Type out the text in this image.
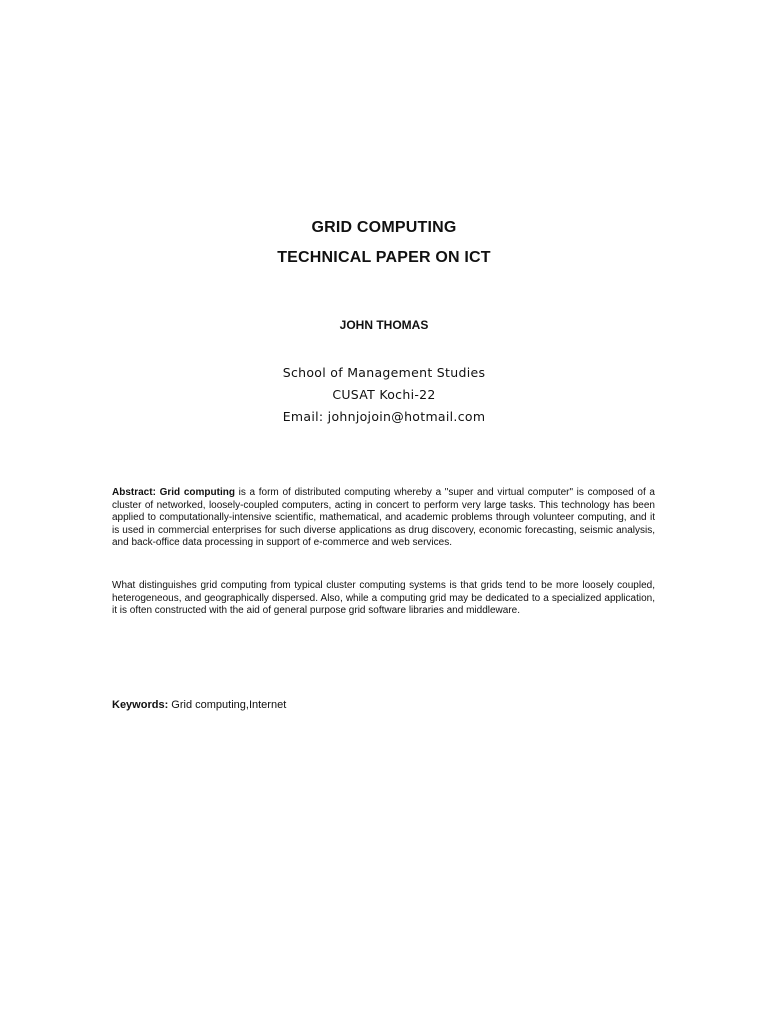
GRID COMPUTING
TECHNICAL PAPER ON ICT
JOHN THOMAS
School of Management Studies
CUSAT Kochi-22
Email: johnjojoin@hotmail.com
Abstract: Grid computing is a form of distributed computing whereby a "super and virtual computer" is composed of a cluster of networked, loosely-coupled computers, acting in concert to perform very large tasks. This technology has been applied to computationally-intensive scientific, mathematical, and academic problems through volunteer computing, and it is used in commercial enterprises for such diverse applications as drug discovery, economic forecasting, seismic analysis, and back-office data processing in support of e-commerce and web services.
What distinguishes grid computing from typical cluster computing systems is that grids tend to be more loosely coupled, heterogeneous, and geographically dispersed. Also, while a computing grid may be dedicated to a specialized application, it is often constructed with the aid of general purpose grid software libraries and middleware.
Keywords: Grid computing,Internet
